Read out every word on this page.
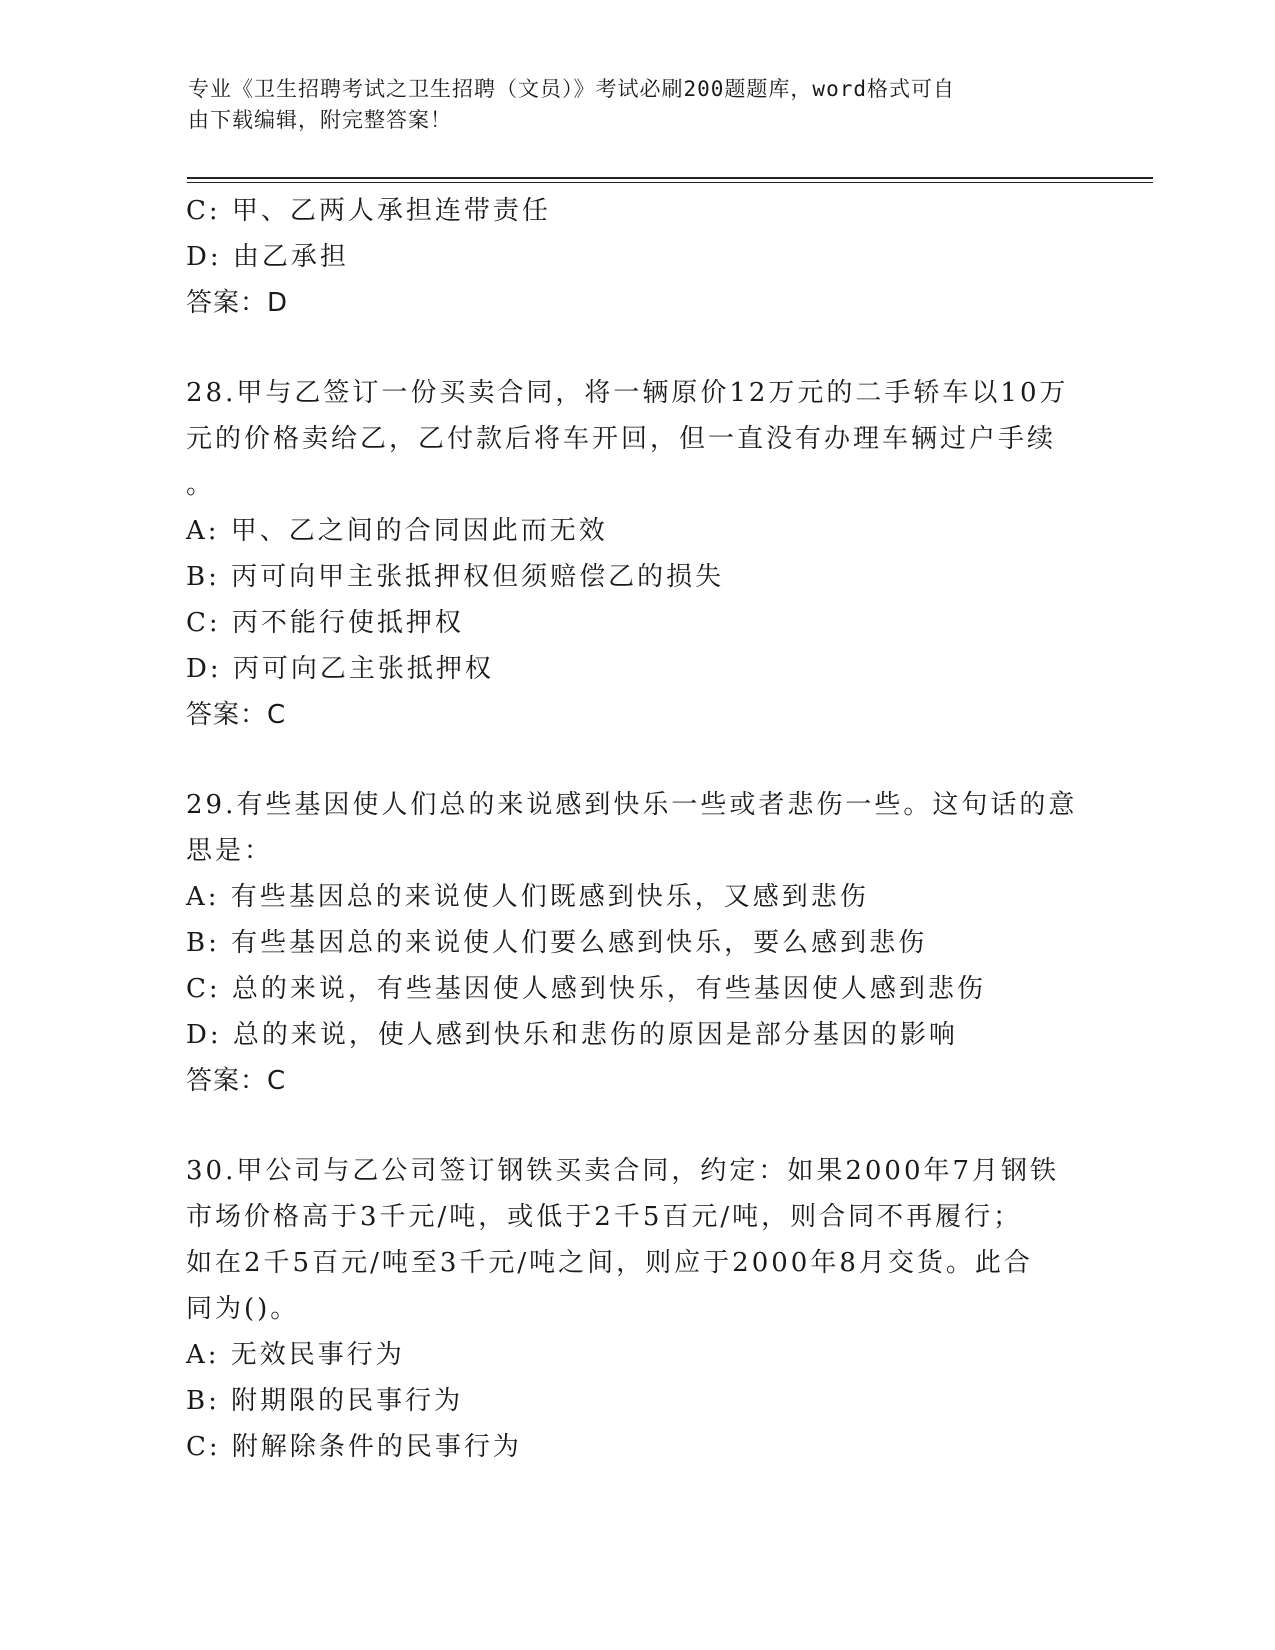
专业《卫生招聘考试之卫生招聘（文员）》考试必刷200题题库，word格式可自
由下载编辑，附完整答案！
C: 甲、乙两人承担连带责任
D: 由乙承担
答案：D
28.甲与乙签订一份买卖合同，将一辆原价12万元的二手轿车以10万
元的价格卖给乙，乙付款后将车开回，但一直没有办理车辆过户手续
。
A: 甲、乙之间的合同因此而无效
B: 丙可向甲主张抵押权但须赔偿乙的损失
C: 丙不能行使抵押权
D: 丙可向乙主张抵押权
答案：C
29.有些基因使人们总的来说感到快乐一些或者悲伤一些。这句话的意
思是：
A: 有些基因总的来说使人们既感到快乐，又感到悲伤
B: 有些基因总的来说使人们要么感到快乐，要么感到悲伤
C: 总的来说，有些基因使人感到快乐，有些基因使人感到悲伤
D: 总的来说，使人感到快乐和悲伤的原因是部分基因的影响
答案：C
30.甲公司与乙公司签订钢铁买卖合同，约定：如果2000年7月钢铁
市场价格高于3千元/吨，或低于2千5百元/吨，则合同不再履行；
如在2千5百元/吨至3千元/吨之间，则应于2000年8月交货。此合
同为()。
A: 无效民事行为
B: 附期限的民事行为
C: 附解除条件的民事行为
